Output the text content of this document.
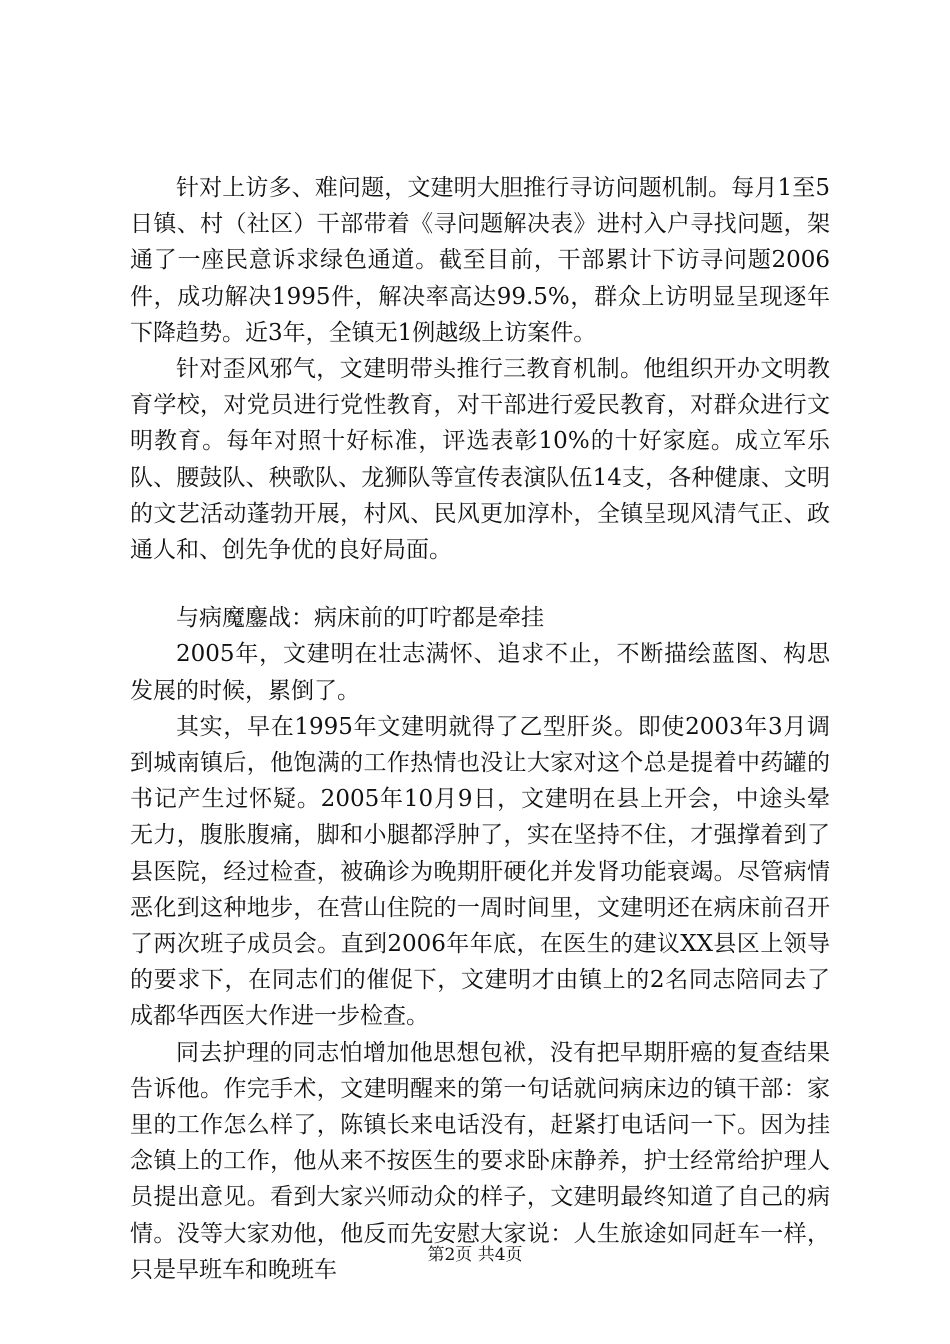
针对上访多、难问题，文建明大胆推行寻访问题机制。每月1至5日镇、村（社区）干部带着《寻问题解决表》进村入户寻找问题，架通了一座民意诉求绿色通道。截至目前，干部累计下访寻问题2006件，成功解决1995件，解决率高达99.5%，群众上访明显呈现逐年下降趋势。近3年，全镇无1例越级上访案件。

针对歪风邪气，文建明带头推行三教育机制。他组织开办文明教育学校，对党员进行党性教育，对干部进行爱民教育，对群众进行文明教育。每年对照十好标准，评选表彰10%的十好家庭。成立军乐队、腰鼓队、秧歌队、龙狮队等宣传表演队伍14支，各种健康、文明的文艺活动蓬勃开展，村风、民风更加淳朴，全镇呈现风清气正、政通人和、创先争优的良好局面。

与病魔鏖战：病床前的叮咛都是牵挂

2005年，文建明在壮志满怀、追求不止，不断描绘蓝图、构思发展的时候，累倒了。

其实，早在1995年文建明就得了乙型肝炎。即使2003年3月调到城南镇后，他饱满的工作热情也没让大家对这个总是提着中药罐的书记产生过怀疑。2005年10月9日，文建明在县上开会，中途头晕无力，腹胀腹痛，脚和小腿都浮肿了，实在坚持不住，才强撑着到了县医院，经过检查，被确诊为晚期肝硬化并发肾功能衰竭。尽管病情恶化到这种地步，在营山住院的一周时间里，文建明还在病床前召开了两次班子成员会。直到2006年年底，在医生的建议XX县区上领导的要求下，在同志们的催促下，文建明才由镇上的2名同志陪同去了成都华西医大作进一步检查。

同去护理的同志怕增加他思想包袱，没有把早期肝癌的复查结果告诉他。作完手术，文建明醒来的第一句话就问病床边的镇干部：家里的工作怎么样了，陈镇长来电话没有，赶紧打电话问一下。因为挂念镇上的工作，他从来不按医生的要求卧床静养，护士经常给护理人员提出意见。看到大家兴师动众的样子，文建明最终知道了自己的病情。没等大家劝他，他反而先安慰大家说：人生旅途如同赶车一样，只是早班车和晚班车

第2页 共4页
